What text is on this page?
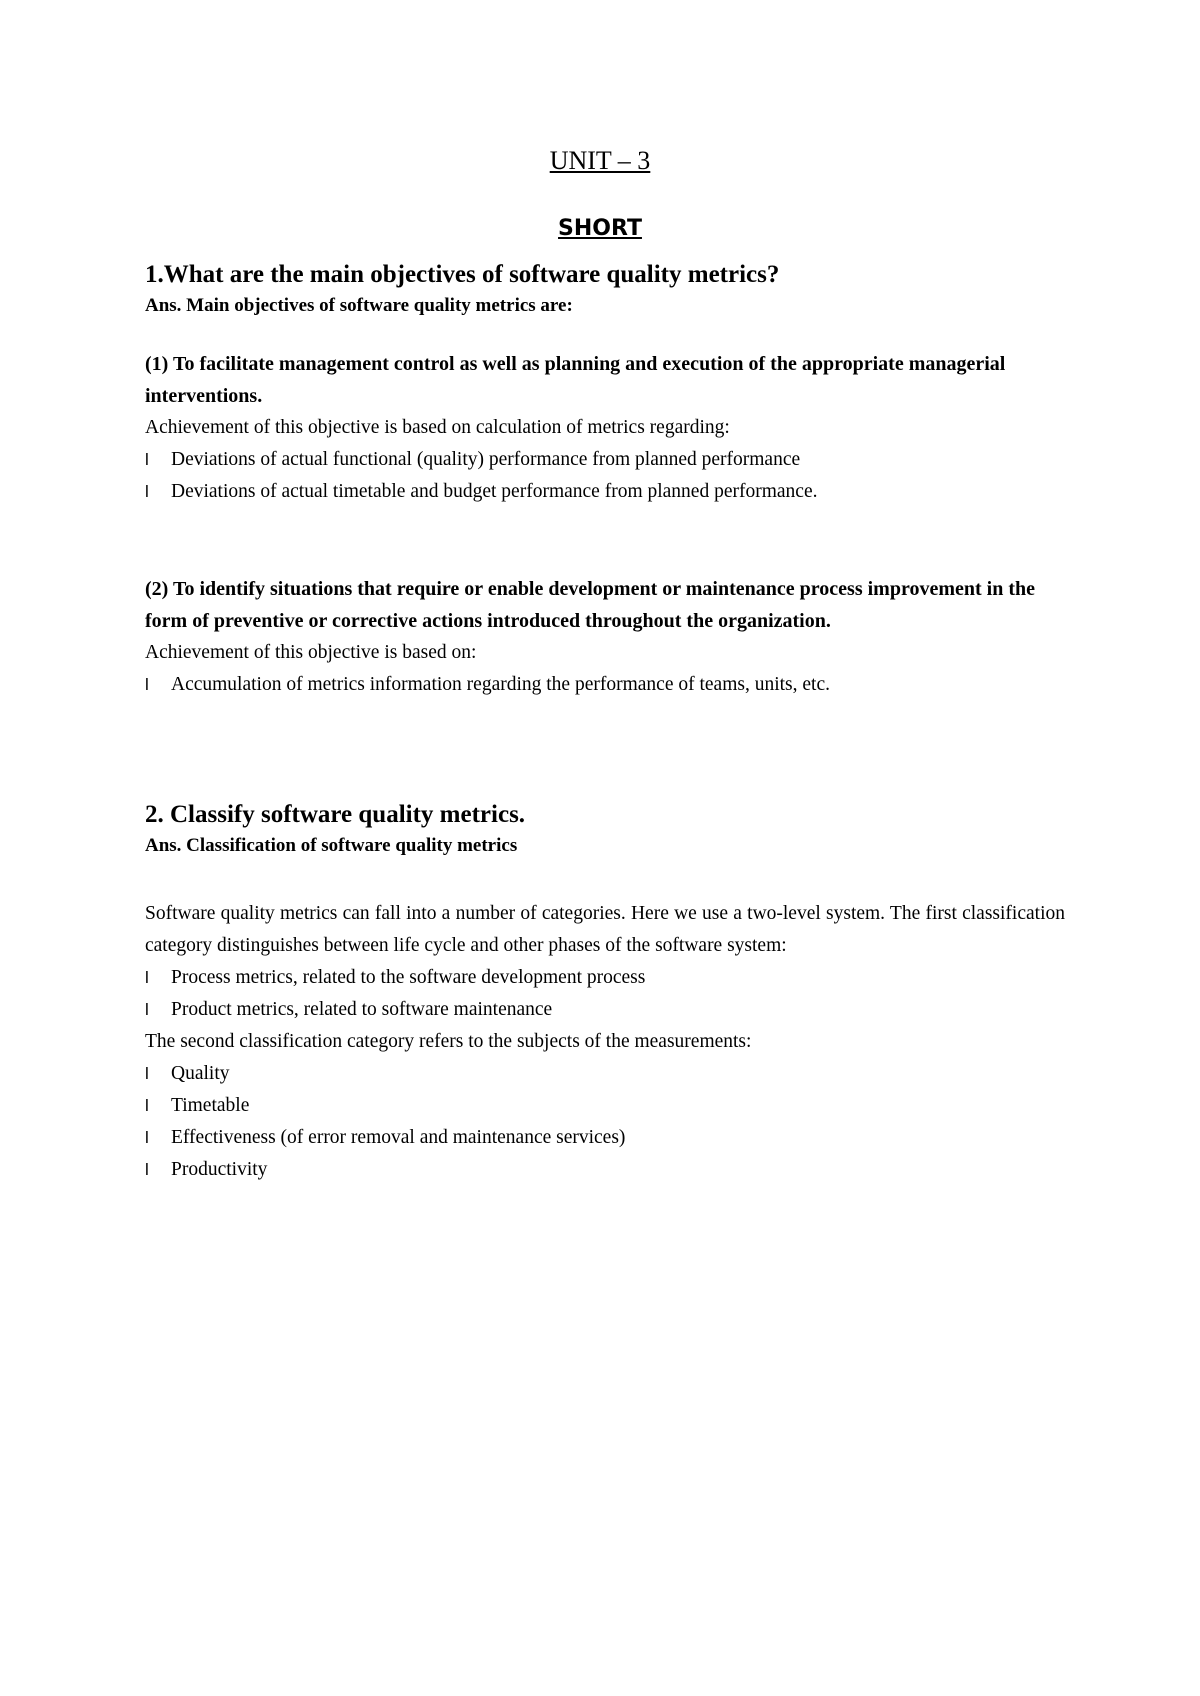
UNIT – 3
SHORT

1.What are the main objectives of software quality metrics?

Ans. Main objectives of software quality metrics are:

(1) To facilitate management control as well as planning and execution of the appropriate managerial interventions.

Achievement of this objective is based on calculation of metrics regarding:

l Deviations of actual functional (quality) performance from planned performance
l Deviations of actual timetable and budget performance from planned performance.

(2) To identify situations that require or enable development or maintenance process improvement in the form of preventive or corrective actions introduced throughout the organization.

Achievement of this objective is based on:

l Accumulation of metrics information regarding the performance of teams, units, etc.

2. Classify software quality metrics.

Ans. Classification of software quality metrics

Software quality metrics can fall into a number of categories. Here we use a two-level system. The first classification category distinguishes between life cycle and other phases of the software system:

l Process metrics, related to the software development process
l Product metrics, related to software maintenance

The second classification category refers to the subjects of the measurements:

l Quality
l Timetable
l Effectiveness (of error removal and maintenance services)
l Productivity
